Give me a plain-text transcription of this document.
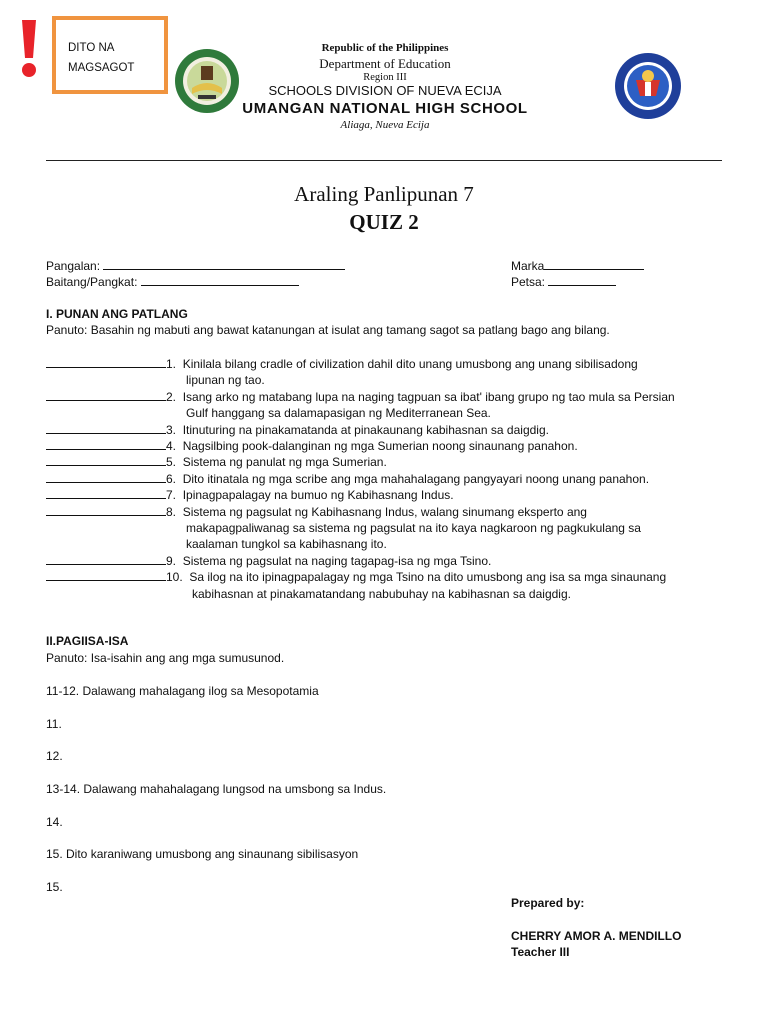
DITO NA
MAGSAGOT
Republic of the Philippines
Department of Education
Region III
SCHOOLS DIVISION OF NUEVA ECIJA
UMANGAN NATIONAL HIGH SCHOOL
Aliaga, Nueva Ecija
Araling Panlipunan 7
QUIZ 2
Pangalan:
Baitang/Pangkat:
Marka
Petsa:
I. PUNAN ANG PATLANG
Panuto: Basahin ng mabuti ang bawat katanungan at isulat ang tamang sagot sa patlang bago ang bilang.
1. Kinilala bilang cradle of civilization dahil dito unang umusbong ang unang sibilisadong
lipunan ng tao.
2. Isang arko ng matabang lupa na naging tagpuan sa ibat' ibang grupo ng tao mula sa Persian
Gulf hanggang sa dalamapasigan ng Mediterranean Sea.
3. Itinuturing na pinakamatanda at pinakaunang kabihasnan sa daigdig.
4. Nagsilbing pook-dalanginan ng mga Sumerian noong sinaunang panahon.
5. Sistema ng panulat ng mga Sumerian.
6. Dito itinatala ng mga scribe ang mga mahahalagang pangyayari noong unang panahon.
7. Ipinagpapalagay na bumuo ng Kabihasnang Indus.
8. Sistema ng pagsulat ng Kabihasnang Indus, walang sinumang eksperto ang
makapagpaliwanag sa sistema ng pagsulat na ito kaya nagkaroon ng pagkukulang sa
kaalaman tungkol sa kabihasnang ito.
9. Sistema ng pagsulat na naging tagapag-isa ng mga Tsino.
10. Sa ilog na ito ipinagpapalagay ng mga Tsino na dito umusbong ang isa sa mga sinaunang
kabihasnan at pinakamatandang nabubuhay na kabihasnan sa daigdig.
II.PAGIISA-ISA
Panuto: Isa-isahin ang ang mga sumusunod.
11-12. Dalawang mahalagang ilog sa Mesopotamia
11.
12.
13-14. Dalawang mahahalagang lungsod na umsbong sa Indus.
14.
15. Dito karaniwang umusbong ang sinaunang sibilisasyon
15.
Prepared by:
CHERRY AMOR A. MENDILLO
Teacher III
